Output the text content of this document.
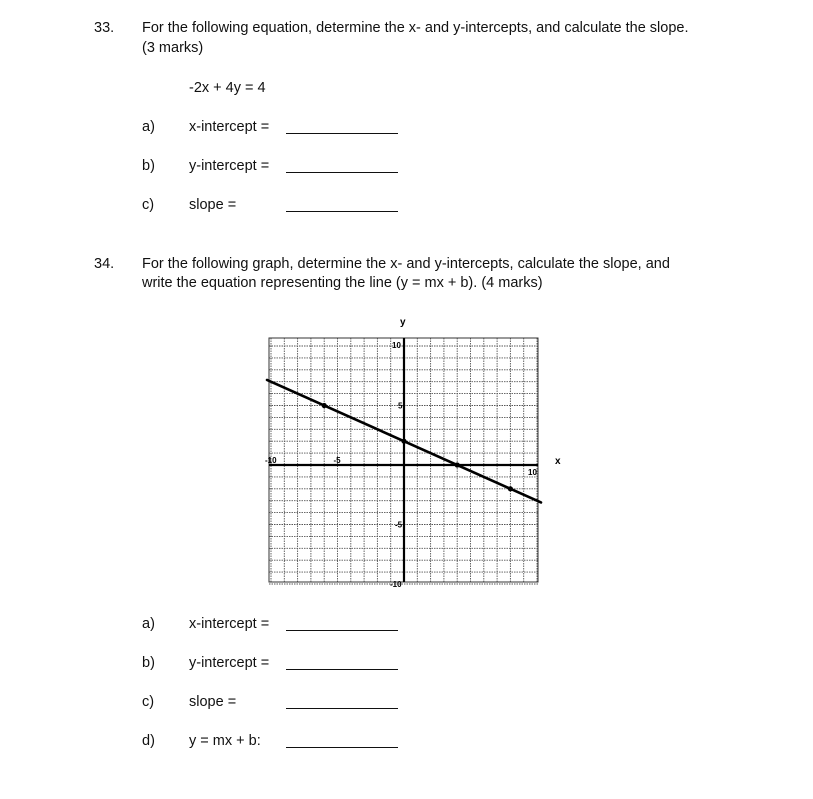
33. For the following equation, determine the x- and y-intercepts, and calculate the slope.
(3 marks)
-2x + 4y = 4
a) x-intercept =
b) y-intercept =
c) slope =
34. For the following graph, determine the x- and y-intercepts, calculate the slope, and
write the equation representing the line (y = mx + b). (4 marks)
x
y
-10	-5
10
10
5
-5
-10
a) x-intercept =
b) y-intercept =
c) slope =
d) y = mx + b:
